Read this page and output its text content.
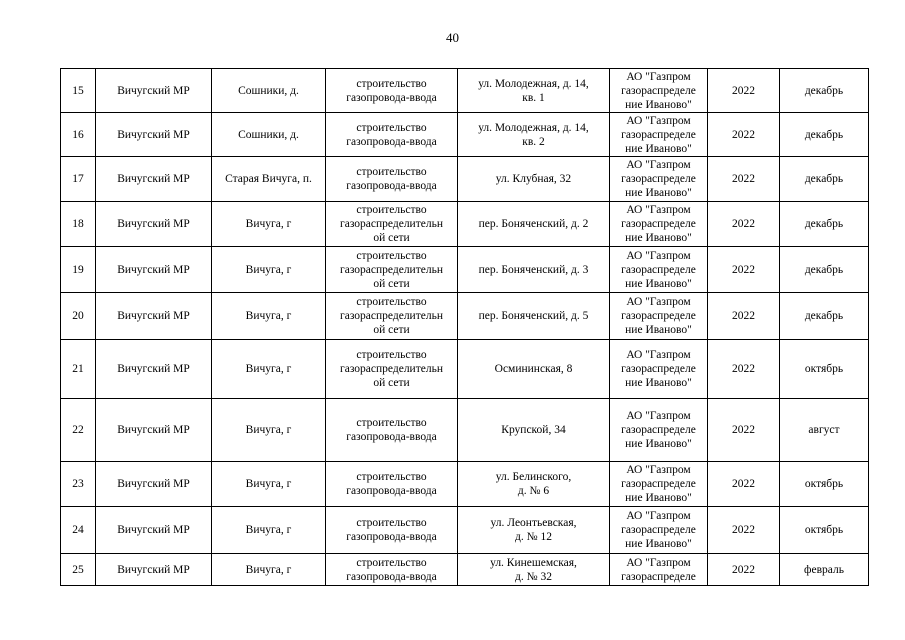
40
15	Вичугский МР	Сошники, д.	строительство
газопровода-ввода	ул. Молодежная, д. 14,
кв. 1	АО "Газпром
газораспределе
ние Иваново"	2022	декабрь
16	Вичугский МР	Сошники, д.	строительство
газопровода-ввода	ул. Молодежная, д. 14,
кв. 2	АО "Газпром
газораспределе
ние Иваново"	2022	декабрь
17	Вичугский МР	Старая Вичуга, п.	строительство
газопровода-ввода	ул. Клубная, 32	АО "Газпром
газораспределе
ние Иваново"	2022	декабрь
18	Вичугский МР	Вичуга, г	строительство
газораспределительн
ой сети	пер. Боняченский, д. 2	АО "Газпром
газораспределе
ние Иваново"	2022	декабрь
19	Вичугский МР	Вичуга, г	строительство
газораспределительн
ой сети	пер. Боняченский, д. 3	АО "Газпром
газораспределе
ние Иваново"	2022	декабрь
20	Вичугский МР	Вичуга, г	строительство
газораспределительн
ой сети	пер. Боняченский, д. 5	АО "Газпром
газораспределе
ние Иваново"	2022	декабрь
21	Вичугский МР	Вичуга, г	строительство
газораспределительн
ой сети	Осмининская, 8	АО "Газпром
газораспределе
ние Иваново"	2022	октябрь
22	Вичугский МР	Вичуга, г	строительство
газопровода-ввода	Крупской, 34	АО "Газпром
газораспределе
ние Иваново"	2022	август
23	Вичугский МР	Вичуга, г	строительство
газопровода-ввода	ул. Белинского,
д. № 6	АО "Газпром
газораспределе
ние Иваново"	2022	октябрь
24	Вичугский МР	Вичуга, г	строительство
газопровода-ввода	ул. Леонтьевская,
д. № 12	АО "Газпром
газораспределе
ние Иваново"	2022	октябрь
25	Вичугский МР	Вичуга, г	строительство
газопровода-ввода	ул. Кинешемская,
д. № 32	АО "Газпром
газораспределе	2022	февраль
